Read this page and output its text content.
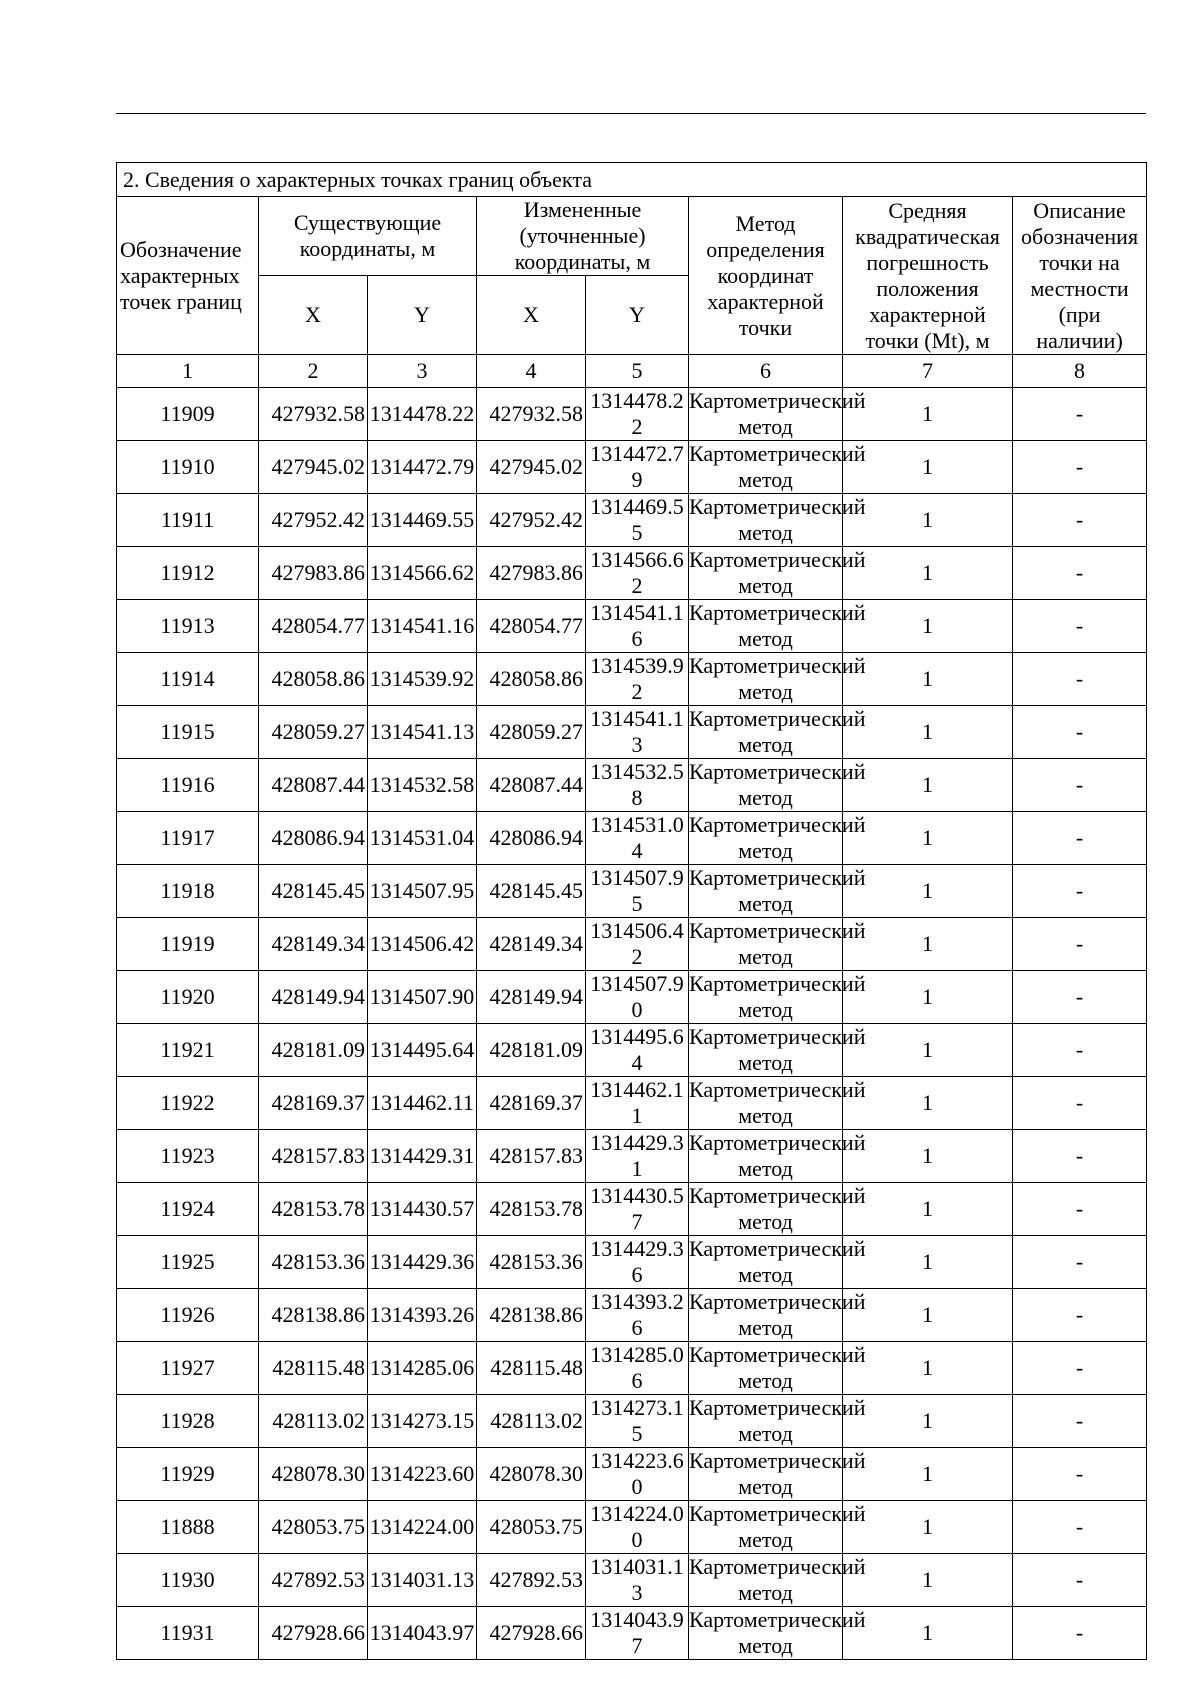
2. Сведения о характерных точках границ объекта							
Обозначение характерных точек границ	Существующие координаты, м		Измененные (уточненные) координаты, м		Метод определения координат характерной точки	Средняя квадратическая погрешность положения характерной точки (Mt), м	Описание обозначения точки на местности (при наличии)
	X	Y	X	Y			
1	2	3	4	5	6	7	8
11909	427932.58	1314478.22	427932.58	1314478.22	Картометрический метод	1	-
11910	427945.02	1314472.79	427945.02	1314472.79	Картометрический метод	1	-
11911	427952.42	1314469.55	427952.42	1314469.55	Картометрический метод	1	-
11912	427983.86	1314566.62	427983.86	1314566.62	Картометрический метод	1	-
11913	428054.77	1314541.16	428054.77	1314541.16	Картометрический метод	1	-
11914	428058.86	1314539.92	428058.86	1314539.92	Картометрический метод	1	-
11915	428059.27	1314541.13	428059.27	1314541.13	Картометрический метод	1	-
11916	428087.44	1314532.58	428087.44	1314532.58	Картометрический метод	1	-
11917	428086.94	1314531.04	428086.94	1314531.04	Картометрический метод	1	-
11918	428145.45	1314507.95	428145.45	1314507.95	Картометрический метод	1	-
11919	428149.34	1314506.42	428149.34	1314506.42	Картометрический метод	1	-
11920	428149.94	1314507.90	428149.94	1314507.90	Картометрический метод	1	-
11921	428181.09	1314495.64	428181.09	1314495.64	Картометрический метод	1	-
11922	428169.37	1314462.11	428169.37	1314462.11	Картометрический метод	1	-
11923	428157.83	1314429.31	428157.83	1314429.31	Картометрический метод	1	-
11924	428153.78	1314430.57	428153.78	1314430.57	Картометрический метод	1	-
11925	428153.36	1314429.36	428153.36	1314429.36	Картометрический метод	1	-
11926	428138.86	1314393.26	428138.86	1314393.26	Картометрический метод	1	-
11927	428115.48	1314285.06	428115.48	1314285.06	Картометрический метод	1	-
11928	428113.02	1314273.15	428113.02	1314273.15	Картометрический метод	1	-
11929	428078.30	1314223.60	428078.30	1314223.60	Картометрический метод	1	-
11888	428053.75	1314224.00	428053.75	1314224.00	Картометрический метод	1	-
11930	427892.53	1314031.13	427892.53	1314031.13	Картометрический метод	1	-
11931	427928.66	1314043.97	427928.66	1314043.97	Картометрический метод	1	-
